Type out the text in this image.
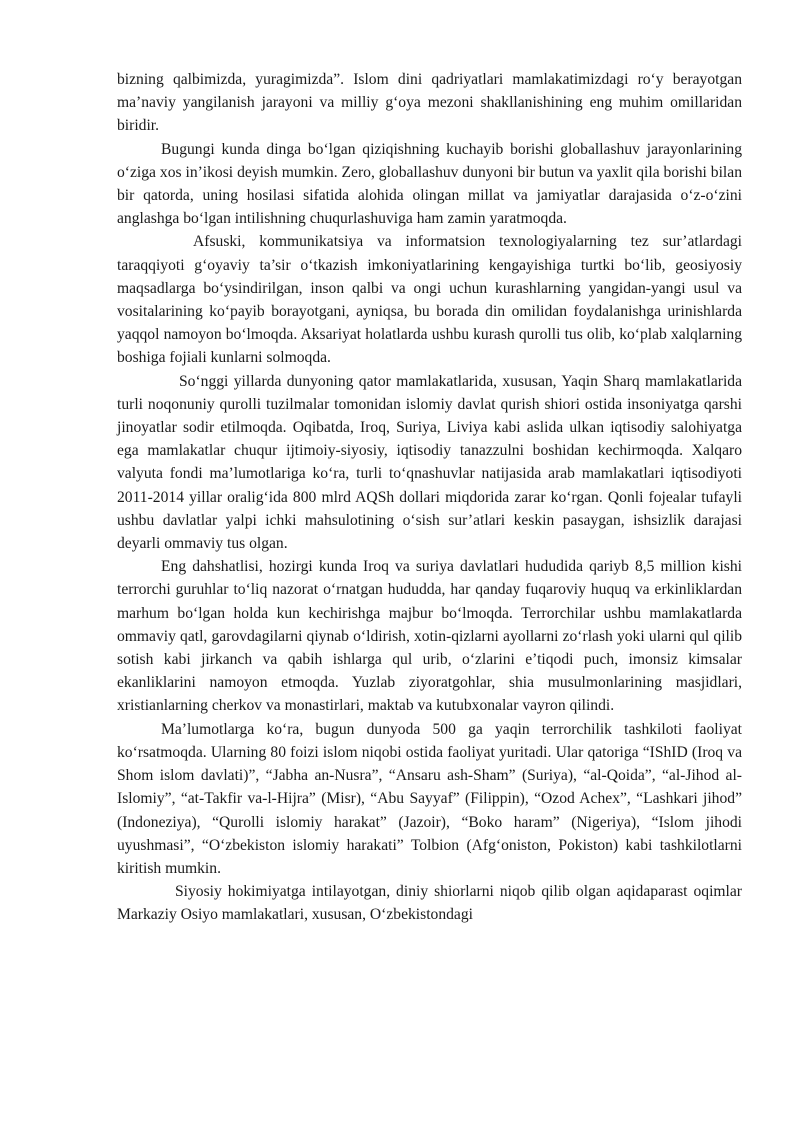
bizning qalbimizda, yuragimizda”. Islom dini qadriyatlari mamlakatimizdagi ro‘y berayotgan ma’naviy yangilanish jarayoni va milliy g‘oya mezoni shakllanishining eng muhim omillaridan biridir.

Bugungi kunda dinga bo‘lgan qiziqishning kuchayib borishi globallashuv jarayonlarining o‘ziga xos in’ikosi deyish mumkin. Zero, globallashuv dunyoni bir butun va yaxlit qila borishi bilan bir qatorda, uning hosilasi sifatida alohida olingan millat va jamiyatlar darajasida o‘z-o‘zini anglashga bo‘lgan intilishning chuqurlashuviga ham zamin yaratmoqda.

Afsuski, kommunikatsiya va informatsion texnologiyalarning tez sur’atlardagi taraqqiyoti g‘oyaviy ta’sir o‘tkazish imkoniyatlarining kengayishiga turtki bo‘lib, geosiyosiy maqsadlarga bo‘ysindirilgan, inson qalbi va ongi uchun kurashlarning yangidan-yangi usul va vositalarining ko‘payib borayotgani, ayniqsa, bu borada din omilidan foydalanishga urinishlarda yaqqol namoyon bo‘lmoqda. Aksariyat holatlarda ushbu kurash qurolli tus olib, ko‘plab xalqlarning boshiga fojiali kunlarni solmoqda.

So‘nggi yillarda dunyoning qator mamlakatlarida, xususan, Yaqin Sharq mamlakatlarida turli noqonuniy qurolli tuzilmalar tomonidan islomiy davlat qurish shiori ostida insoniyatga qarshi jinoyatlar sodir etilmoqda. Oqibatda, Iroq, Suriya, Liviya kabi aslida ulkan iqtisodiy salohiyatga ega mamlakatlar chuqur ijtimoiy-siyosiy, iqtisodiy tanazzulni boshidan kechirmoqda. Xalqaro valyuta fondi ma’lumotlariga ko‘ra, turli to‘qnashuvlar natijasida arab mamlakatlari iqtisodiyoti 2011-2014 yillar oralig‘ida 800 mlrd AQSh dollari miqdorida zarar ko‘rgan. Qonli fojealar tufayli ushbu davlatlar yalpi ichki mahsulotining o‘sish sur’atlari keskin pasaygan, ishsizlik darajasi deyarli ommaviy tus olgan.

Eng dahshatlisi, hozirgi kunda Iroq va suriya davlatlari hududida qariyb 8,5 million kishi terrorchi guruhlar to‘liq nazorat o‘rnatgan hududda, har qanday fuqaroviy huquq va erkinliklardan marhum bo‘lgan holda kun kechirishga majbur bo‘lmoqda. Terrorchilar ushbu mamlakatlarda ommaviy qatl, garovdagilarni qiynab o‘ldirish, xotin-qizlarni ayollarni zo‘rlash yoki ularni qul qilib sotish kabi jirkanch va qabih ishlarga qul urib, o‘zlarini e’tiqodi puch, imonsiz kimsalar ekanliklarini namoyon etmoqda. Yuzlab ziyoratgohlar, shia musulmonlarining masjidlari, xristianlarning cherkov va monastirlari, maktab va kutubxonalar vayron qilindi.

Ma’lumotlarga ko‘ra, bugun dunyoda 500 ga yaqin terrorchilik tashkiloti faoliyat ko‘rsatmoqda. Ularning 80 foizi islom niqobi ostida faoliyat yuritadi. Ular qatoriga “IShID (Iroq va Shom islom davlati)”, “Jabha an-Nusra”, “Ansaru ash-Sham” (Suriya), “al-Qoida”, “al-Jihod al-Islomiy”, “at-Takfir va-l-Hijra” (Misr), “Abu Sayyaf” (Filippin), “Ozod Achex”, “Lashkari jihod” (Indoneziya), “Qurolli islomiy harakat” (Jazoir), “Boko haram” (Nigeriya), “Islom jihodi uyushmasi”, “O‘zbekiston islomiy harakati” Tolbion (Afg‘oniston, Pokiston) kabi tashkilotlarni kiritish mumkin.

Siyosiy hokimiyatga intilayotgan, diniy shiorlarni niqob qilib olgan aqidaparast oqimlar Markaziy Osiyo mamlakatlari, xususan, O‘zbekistondagi
